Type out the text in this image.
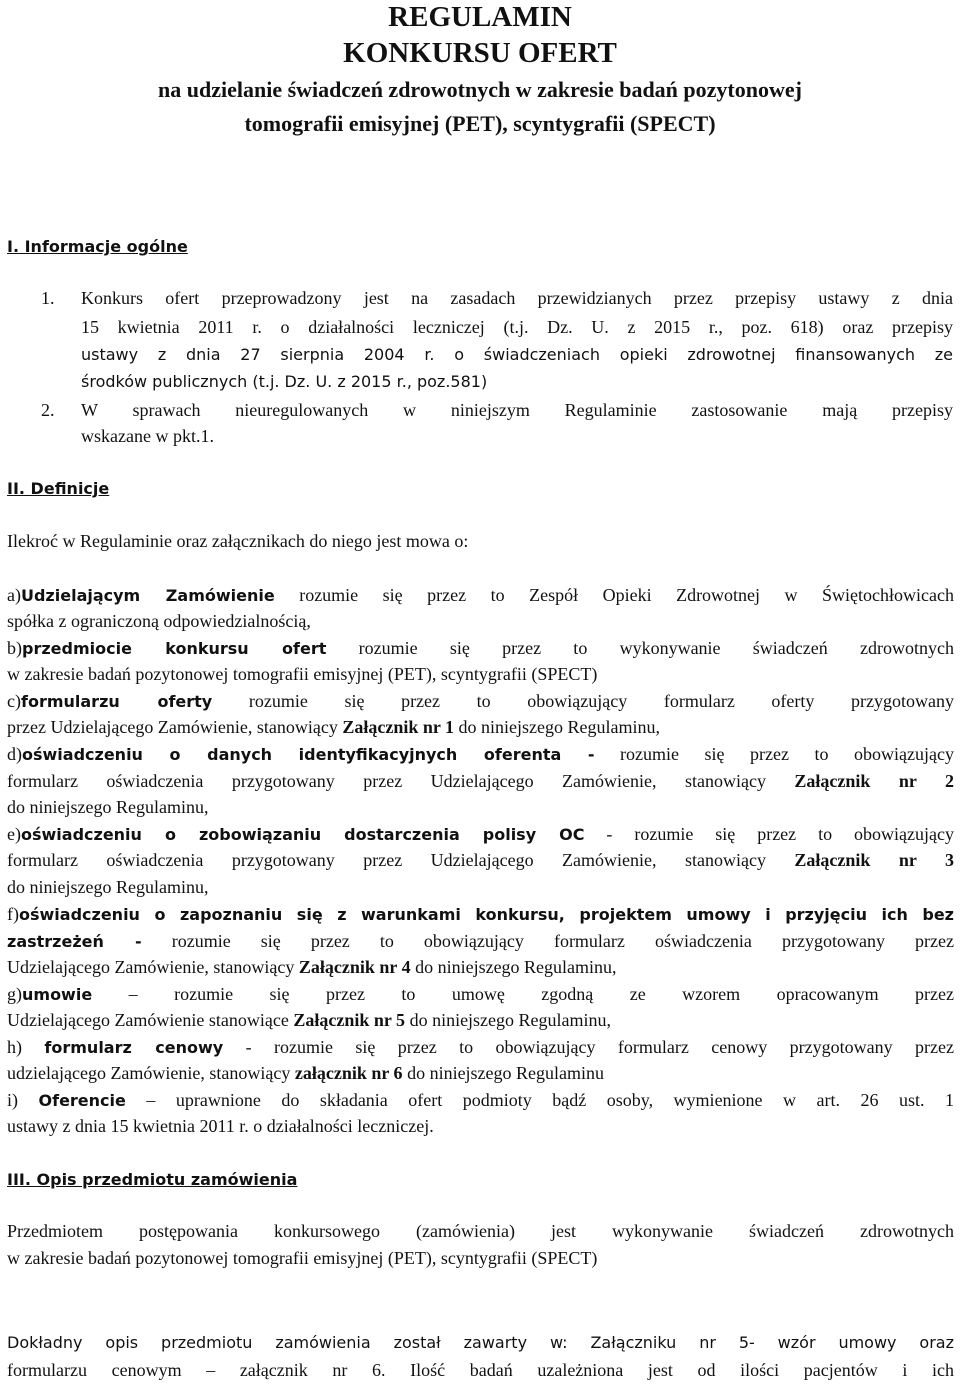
REGULAMIN
KONKURSU OFERT
na udzielanie świadczeń zdrowotnych w zakresie badań pozytonowej
tomografii emisyjnej (PET), scyntygrafii (SPECT)
I. Informacje ogólne
1. Konkurs ofert przeprowadzony jest na zasadach przewidzianych przez przepisy ustawy z dnia
15 kwietnia 2011 r. o działalności leczniczej (t.j. Dz. U. z 2015 r., poz. 618) oraz przepisy
ustawy z dnia 27 sierpnia 2004 r. o świadczeniach opieki zdrowotnej finansowanych ze
środków publicznych (t.j. Dz. U. z 2015 r., poz.581)
2. W sprawach nieuregulowanych w niniejszym Regulaminie zastosowanie mają przepisy
wskazane w pkt.1.
II. Definicje
Ilekroć w Regulaminie oraz załącznikach do niego jest mowa o:
a)Udzielającym Zamówienie rozumie się przez to Zespół Opieki Zdrowotnej w Świętochłowicach
spółka z ograniczoną odpowiedzialnością,
b)przedmiocie konkursu ofert rozumie się przez to wykonywanie świadczeń zdrowotnych
w zakresie badań pozytonowej tomografii emisyjnej (PET), scyntygrafii (SPECT)
c)formularzu oferty rozumie się przez to obowiązujący formularz oferty przygotowany
przez Udzielającego Zamówienie, stanowiący Załącznik nr 1 do niniejszego Regulaminu,
d)oświadczeniu o danych identyfikacyjnych oferenta - rozumie się przez to obowiązujący
formularz oświadczenia przygotowany przez Udzielającego Zamówienie, stanowiący Załącznik nr 2
do niniejszego Regulaminu,
e)oświadczeniu o zobowiązaniu dostarczenia polisy OC - rozumie się przez to obowiązujący
formularz oświadczenia przygotowany przez Udzielającego Zamówienie, stanowiący Załącznik nr 3
do niniejszego Regulaminu,
f)oświadczeniu o zapoznaniu się z warunkami konkursu, projektem umowy i przyjęciu ich bez
zastrzeżeń - rozumie się przez to obowiązujący formularz oświadczenia przygotowany przez
Udzielającego Zamówienie, stanowiący Załącznik nr 4 do niniejszego Regulaminu,
g)umowie – rozumie się przez to umowę zgodną ze wzorem opracowanym przez
Udzielającego Zamówienie stanowiące Załącznik nr 5 do niniejszego Regulaminu,
h) formularz cenowy - rozumie się przez to obowiązujący formularz cenowy przygotowany przez
udzielającego Zamówienie, stanowiący załącznik nr 6 do niniejszego Regulaminu
i) Oferencie – uprawnione do składania ofert podmioty bądź osoby, wymienione w art. 26 ust. 1
ustawy z dnia 15 kwietnia 2011 r. o działalności leczniczej.
III. Opis przedmiotu zamówienia
Przedmiotem postępowania konkursowego (zamówienia) jest wykonywanie świadczeń zdrowotnych
w zakresie badań pozytonowej tomografii emisyjnej (PET), scyntygrafii (SPECT)
Dokładny opis przedmiotu zamówienia został zawarty w: Załączniku nr 5- wzór umowy oraz
formularzu cenowym – załącznik nr 6. Ilość badań uzależniona jest od ilości pacjentów i ich
